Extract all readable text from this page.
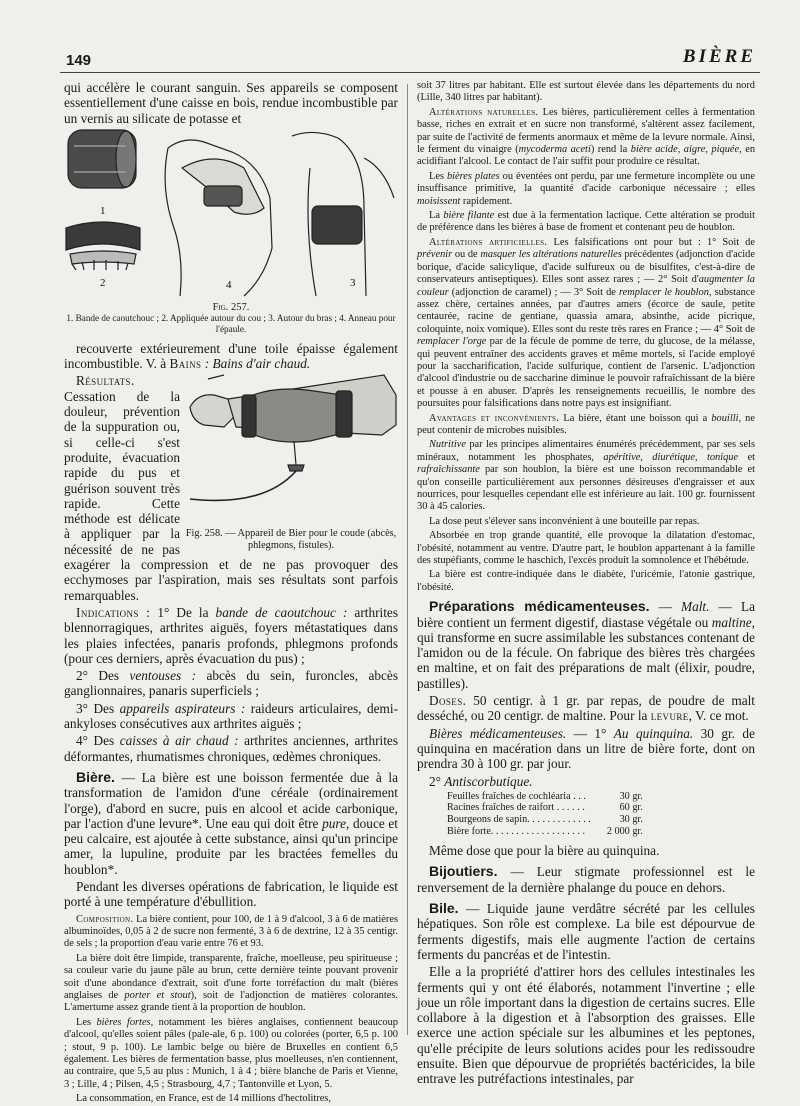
149	BIÈRE

qui accélère le courant sanguin. Ses appareils se composent essentiellement d'une caisse en bois, rendue incombustible par un vernis au silicate de potasse et

1
2	4	3

Fig. 257.

1. Bande de caoutchouc ; 2. Appliquée autour du cou ; 3. Autour du bras ; 4. Anneau pour l'épaule.

recouverte extérieurement d'une toile épaisse également incombustible. V. à Bains : Bains d'air chaud.

Fig. 258. — Appareil de Bier pour le coude (abcès, phlegmons, fistules).

Résultats. Cessation de la douleur, prévention de la suppuration ou, si celle-ci s'est produite, évacuation rapide du pus et guérison souvent très rapide. Cette méthode est délicate à appliquer par la nécessité de ne pas exagérer la compression et de ne pas provoquer des ecchymoses par l'aspiration, mais ses résultats sont parfois remarquables.

Indications : 1° De la bande de caoutchouc : arthrites blennorragiques, arthrites aiguës, foyers métastatiques dans les plaies infectées, panaris profonds, phlegmons profonds (pour ces derniers, après évacuation du pus) ;

2° Des ventouses : abcès du sein, furoncles, abcès ganglionnaires, panaris superficiels ;

3° Des appareils aspirateurs : raideurs articulaires, demi-ankyloses consécutives aux arthrites aiguës ;

4° Des caisses à air chaud : arthrites anciennes, arthrites déformantes, rhumatismes chroniques, œdèmes chroniques.

Bière. — La bière est une boisson fermentée due à la transformation de l'amidon d'une céréale (ordinairement l'orge), d'abord en sucre, puis en alcool et acide carbonique, par l'action d'une levure*. Une eau qui doit être pure, douce et peu calcaire, est ajoutée à cette substance, ainsi qu'un principe amer, la lupuline, produite par les bractées femelles du houblon*.

Pendant les diverses opérations de fabrication, le liquide est porté à une température d'ébullition.

Composition. La bière contient, pour 100, de 1 à 9 d'alcool, 3 à 6 de matières albuminoïdes, 0,05 à 2 de sucre non fermenté, 3 à 6 de dextrine, 12 à 35 centigr. de sels ; la proportion d'eau varie entre 76 et 93.

La bière doit être limpide, transparente, fraîche, moelleuse, peu spiritueuse ; sa couleur varie du jaune pâle au brun, cette dernière teinte pouvant provenir soit d'une abondance d'extrait, soit d'une forte torréfaction du malt (bières anglaises de porter et stout), soit de l'adjonction de matières colorantes. L'amertume assez grande tient à la proportion de houblon.

Les bières fortes, notamment les bières anglaises, contiennent beaucoup d'alcool, qu'elles soient pâles (pale-ale, 6 p. 100) ou colorées (porter, 6,5 p. 100 ; stout, 9 p. 100). Le lambic belge ou bière de Bruxelles en contient 6,5 également. Les bières de fermentation basse, plus moelleuses, n'en contiennent, au contraire, que 5,5 au plus : Munich, 1 à 4 ; bière blanche de Paris et Vienne, 3 ; Lille, 4 ; Pilsen, 4,5 ; Strasbourg, 4,7 ; Tantonville et Lyon, 5.

La consommation, en France, est de 14 millions d'hectolitres,

soit 37 litres par habitant. Elle est surtout élevée dans les départements du nord (Lille, 340 litres par habitant).

Altérations naturelles. Les bières, particulièrement celles à fermentation basse, riches en extrait et en sucre non transformé, s'altèrent assez facilement, par suite de l'activité de ferments anormaux et même de la levure normale. Ainsi, le ferment du vinaigre (mycoderma aceti) rend la bière acide, aigre, piquée, en acidifiant l'alcool. Le contact de l'air suffit pour produire ce résultat.

Les bières plates ou éventées ont perdu, par une fermeture incomplète ou une insuffisance primitive, la quantité d'acide carbonique nécessaire ; elles moisissent rapidement.

La bière filante est due à la fermentation lactique. Cette altération se produit de préférence dans les bières à base de froment et contenant peu de houblon.

Altérations artificielles. Les falsifications ont pour but : 1° Soit de prévenir ou de masquer les altérations naturelles précédentes (adjonction d'acide borique, d'acide salicylique, d'acide sulfureux ou de bisulfites, c'est-à-dire de conservateurs antiseptiques). Elles sont assez rares ; — 2° Soit d'augmenter la couleur (adjonction de caramel) ; — 3° Soit de remplacer le houblon, substance assez chère, certaines années, par d'autres amers (écorce de saule, petite centaurée, racine de gentiane, quassia amara, absinthe, acide picrique, coloquinte, noix vomique). Elles sont du reste très rares en France ; — 4° Soit de remplacer l'orge par de la fécule de pomme de terre, du glucose, de la mélasse, qui peuvent entraîner des accidents graves et même mortels, si l'acide employé pour la saccharification, l'acide sulfurique, contient de l'arsenic. L'adjonction d'alcool d'industrie ou de saccharine diminue le pouvoir rafraîchissant de la bière et pousse à en abuser. D'après les renseignements recueillis, le nombre des poursuites pour falsifications dans notre pays est insignifiant.

Avantages et inconvénients. La bière, étant une boisson qui a bouilli, ne peut contenir de microbes nuisibles.

Nutritive par les principes alimentaires énumérés précédemment, par ses sels minéraux, notamment les phosphates, apéritive, diurétique, tonique et rafraîchissante par son houblon, la bière est une boisson recommandable et qu'on conseille particulièrement aux personnes désireuses d'engraisser et aux nourrices, pour lesquelles cependant elle est inférieure au lait. 100 gr. fournissent 30 à 45 calories.

La dose peut s'élever sans inconvénient à une bouteille par repas.

Absorbée en trop grande quantité, elle provoque la dilatation d'estomac, l'obésité, notamment au ventre. D'autre part, le houblon appartenant à la famille des stupéfiants, comme le haschich, l'excès produit la somnolence et l'hébétude.

La bière est contre-indiquée dans le diabète, l'uricémie, l'atonie gastrique, l'obésité.

Préparations médicamenteuses. — Malt. — La bière contient un ferment digestif, diastase végétale ou maltine, qui transforme en sucre assimilable les substances contenant de l'amidon ou de la fécule. On fabrique des bières très chargées en maltine, et on fait des préparations de malt (élixir, poudre, pastilles).

Doses. 50 centigr. à 1 gr. par repas, de poudre de malt desséché, ou 20 centigr. de maltine. Pour la levure, V. ce mot.

Bières médicamenteuses. — 1° Au quinquina. 30 gr. de quinquina en macération dans un litre de bière forte, dont on prendra 30 à 100 gr. par jour.

2° Antiscorbutique.

Feuilles fraîches de cochléaria . . .	30 gr.
Racines fraîches de raifort . . . . . .	60 gr.
Bourgeons de sapin. . . . . . . . . . . . .	30 gr.
Bière forte. . . . . . . . . . . . . . . . . . .	2 000 gr.

Même dose que pour la bière au quinquina.

Bijoutiers. — Leur stigmate professionnel est le renversement de la dernière phalange du pouce en dehors.

Bile. — Liquide jaune verdâtre sécrété par les cellules hépatiques. Son rôle est complexe. La bile est dépourvue de ferments digestifs, mais elle augmente l'action de certains ferments du pancréas et de l'intestin.

Elle a la propriété d'attirer hors des cellules intestinales les ferments qui y ont été élaborés, notamment l'invertine ; elle joue un rôle important dans la digestion de certains sucres. Elle collabore à la digestion et à l'absorption des graisses. Elle exerce une action spéciale sur les albumines et les peptones, qu'elle précipite de leurs solutions acides pour les redissoudre ensuite. Bien que dépourvue de propriétés bactéricides, la bile entrave les putréfactions intestinales, par
